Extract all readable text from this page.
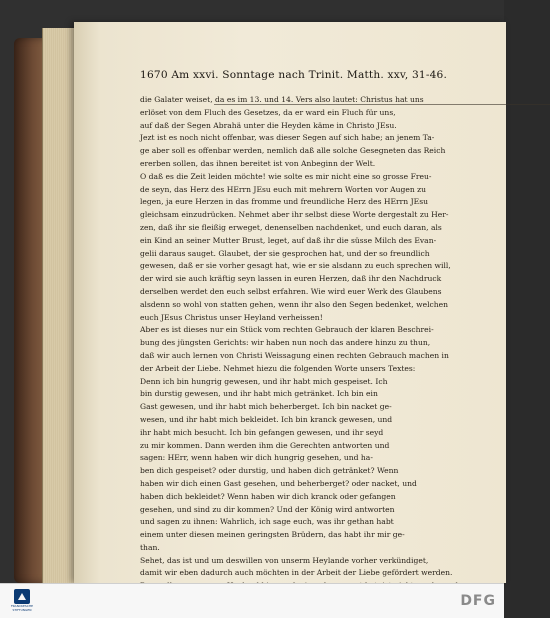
1670 Am xxvi. Sonntage nach Trinit. Matth. xxv, 31-46.
die Galater weiset, da es im 13. und 14. Vers also lautet: Christus hat uns
erlöset von dem Fluch des Gesetzes, da er ward ein Fluch für uns,
auf daß der Segen Abrahä unter die Heyden käme in Christo JEsu.
Jezt ist es noch nicht offenbar, was dieser Segen auf sich habe; an jenem Ta-
ge aber soll es offenbar werden, nemlich daß alle solche Gesegneten das Reich
ererben sollen, das ihnen bereitet ist von Anbeginn der Welt.
O daß es die Zeit leiden möchte! wie solte es mir nicht eine so grosse Freu-
de seyn, das Herz des HErrn JEsu euch mit mehrern Worten vor Augen zu
legen, ja eure Herzen in das fromme und freundliche Herz des HErrn JEsu
gleichsam einzudrücken. Nehmet aber ihr selbst diese Worte dergestalt zu Her-
zen, daß ihr sie fleißig erweget, denenselben nachdenket, und euch daran, als
ein Kind an seiner Mutter Brust, leget, auf daß ihr die süsse Milch des Evan-
gelii daraus sauget. Glaubet, der sie gesprochen hat, und der so freundlich
gewesen, daß er sie vorher gesagt hat, wie er sie alsdann zu euch sprechen will,
der wird sie auch kräftig seyn lassen in euren Herzen, daß ihr den Nachdruck
derselben werdet den euch selbst erfahren. Wie wird euer Werk des Glaubens
alsdenn so wohl von statten gehen, wenn ihr also den Segen bedenket, welchen
euch JEsus Christus unser Heyland verheissen!
Aber es ist dieses nur ein Stück vom rechten Gebrauch der klaren Beschrei-
bung des jüngsten Gerichts: wir haben nun noch das andere hinzu zu thun,
daß wir auch lernen von Christi Weissagung einen rechten Gebrauch machen in
der Arbeit der Liebe. Nehmet hiezu die folgenden Worte unsers Textes:
Denn ich bin hungrig gewesen, und ihr habt mich gespeiset. Ich
bin durstig gewesen, und ihr habt mich getränket. Ich bin ein
Gast gewesen, und ihr habt mich beherberget. Ich bin nacket ge-
wesen, und ihr habt mich bekleidet. Ich bin kranck gewesen, und
ihr habt mich besucht. Ich bin gefangen gewesen, und ihr seyd
zu mir kommen. Dann werden ihm die Gerechten antworten und
sagen: HErr, wenn haben wir dich hungrig gesehen, und ha-
ben dich gespeiset? oder durstig, und haben dich getränket? Wenn
haben wir dich einen Gast gesehen, und beherberget? oder nacket, und
haben dich bekleidet? Wenn haben wir dich kranck oder gefangen
gesehen, und sind zu dir kommen? Und der König wird antworten
und sagen zu ihnen: Wahrlich, ich sage euch, was ihr gethan habt
einem unter diesen meinen geringsten Brüdern, das habt ihr mir ge-
than.
Sehet, das ist und um deswillen von unserm Heylande vorher verkündiget,
damit wir eben dadurch auch möchten in der Arbeit der Liebe gefördert werden.
FRANCKESCHE STIFTUNGEN
DFG
